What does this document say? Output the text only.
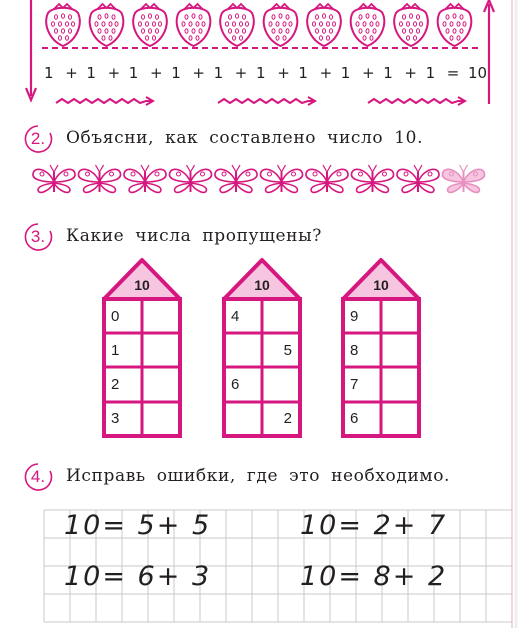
1 + 1 + 1 + 1 + 1 + 1 + 1 + 1 + 1 + 1 = 10
2. Объясни, как составлено число 10.
3. Какие числа пропущены?
10
0
1
2
3
10
4
5
6
2
10
9
8
7
6
4. Исправь ошибки, где это необходимо.
10= 5+ 5	10= 2+ 7
10= 6+ 3	10= 8+ 2
